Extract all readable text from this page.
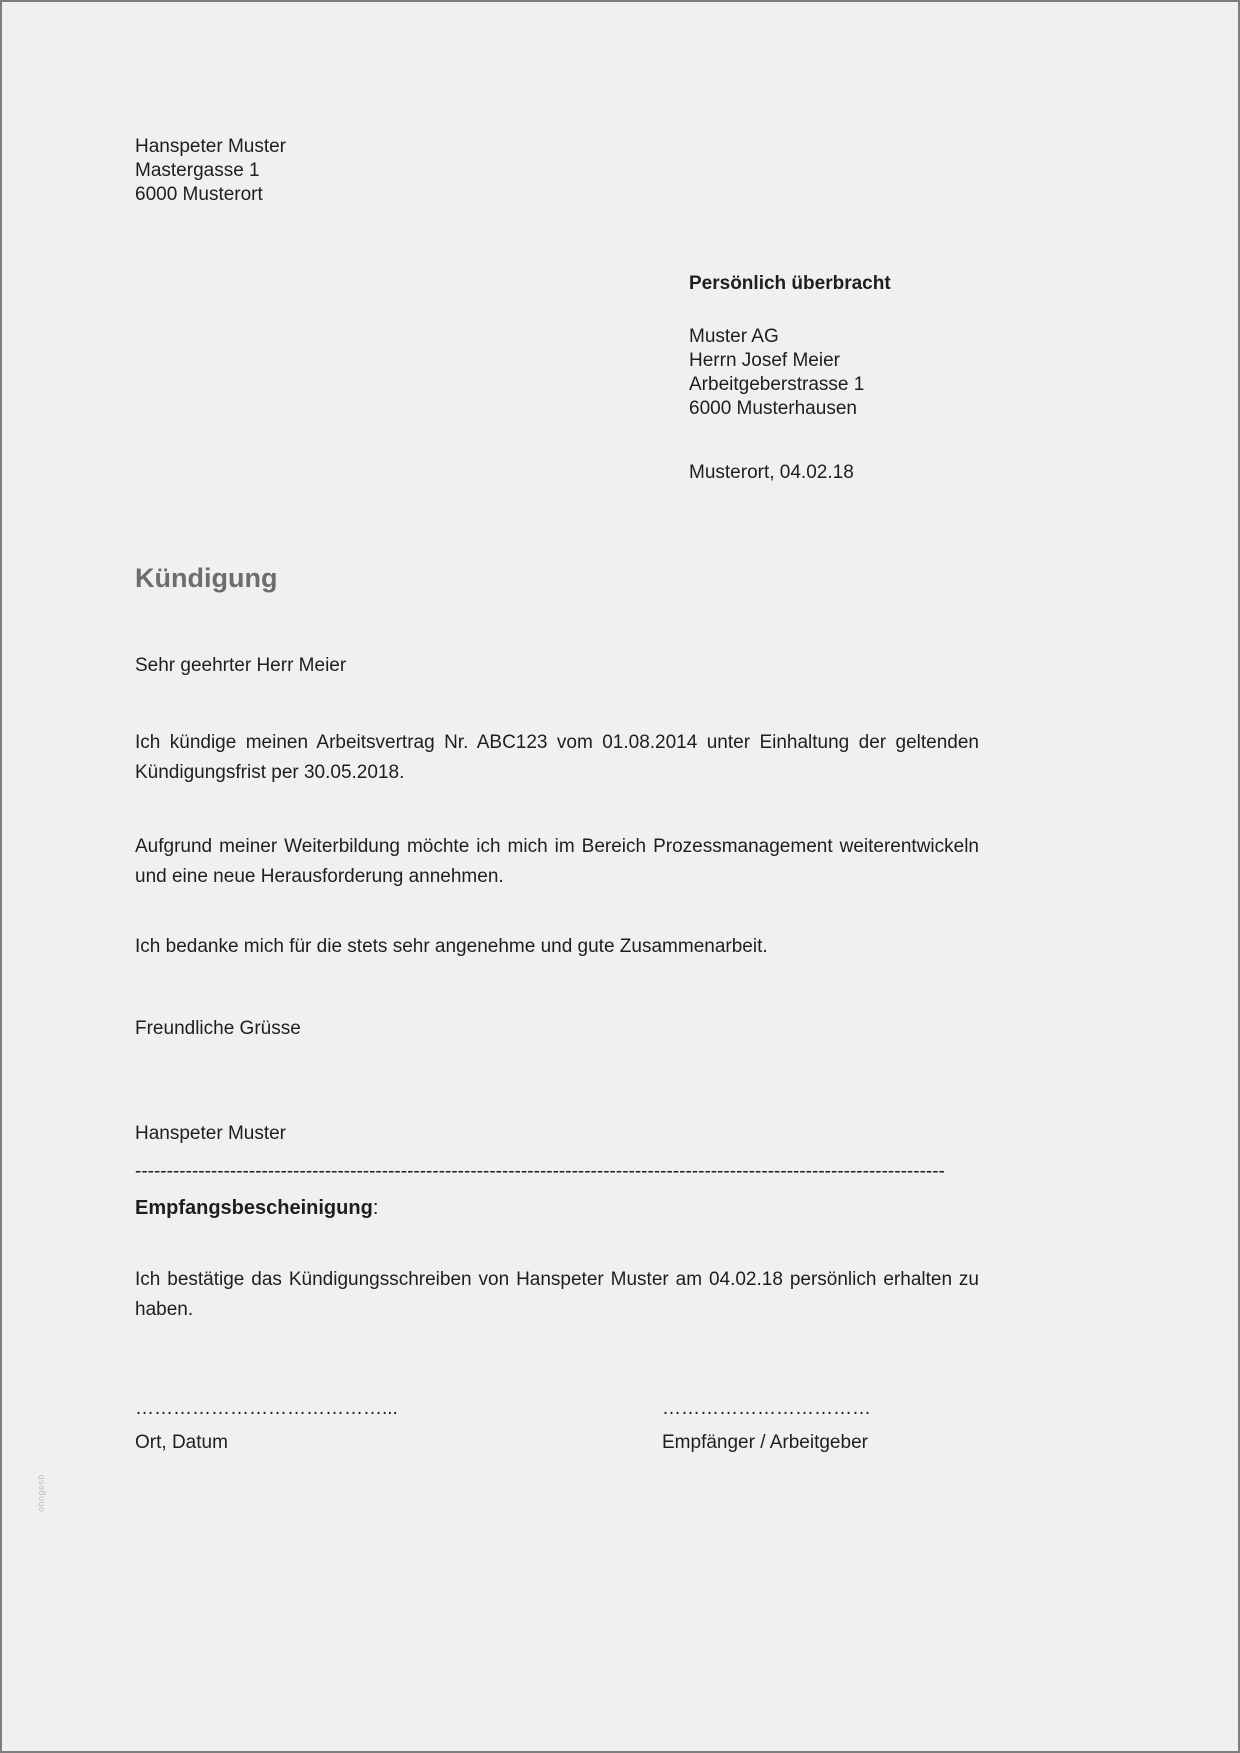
Hanspeter Muster
Mastergasse 1
6000 Musterort
Persönlich überbracht
Muster AG
Herrn Josef Meier
Arbeitgeberstrasse 1
6000 Musterhausen
Musterort, 04.02.18
Kündigung

Sehr geehrter Herr Meier

Ich kündige meinen Arbeitsvertrag Nr. ABC123 vom 01.08.2014 unter Einhaltung der geltenden Kündigungsfrist per 30.05.2018.

Aufgrund meiner Weiterbildung möchte ich mich im Bereich Prozessmanagement weiterentwickeln und eine neue Herausforderung annehmen.

Ich bedanke mich für die stets sehr angenehme und gute Zusammenarbeit.

Freundliche Grüsse

Hanspeter Muster

--------------------------------------------------------------------------------------------------------------------------------
Empfangsbescheinigung:

Ich bestätige das Kündigungsschreiben von Hanspeter Muster am 04.02.18 persönlich erhalten zu haben.

…………………………………...
Ort, Datum
……………………………
Empfänger / Arbeitgeber
ohngesb
